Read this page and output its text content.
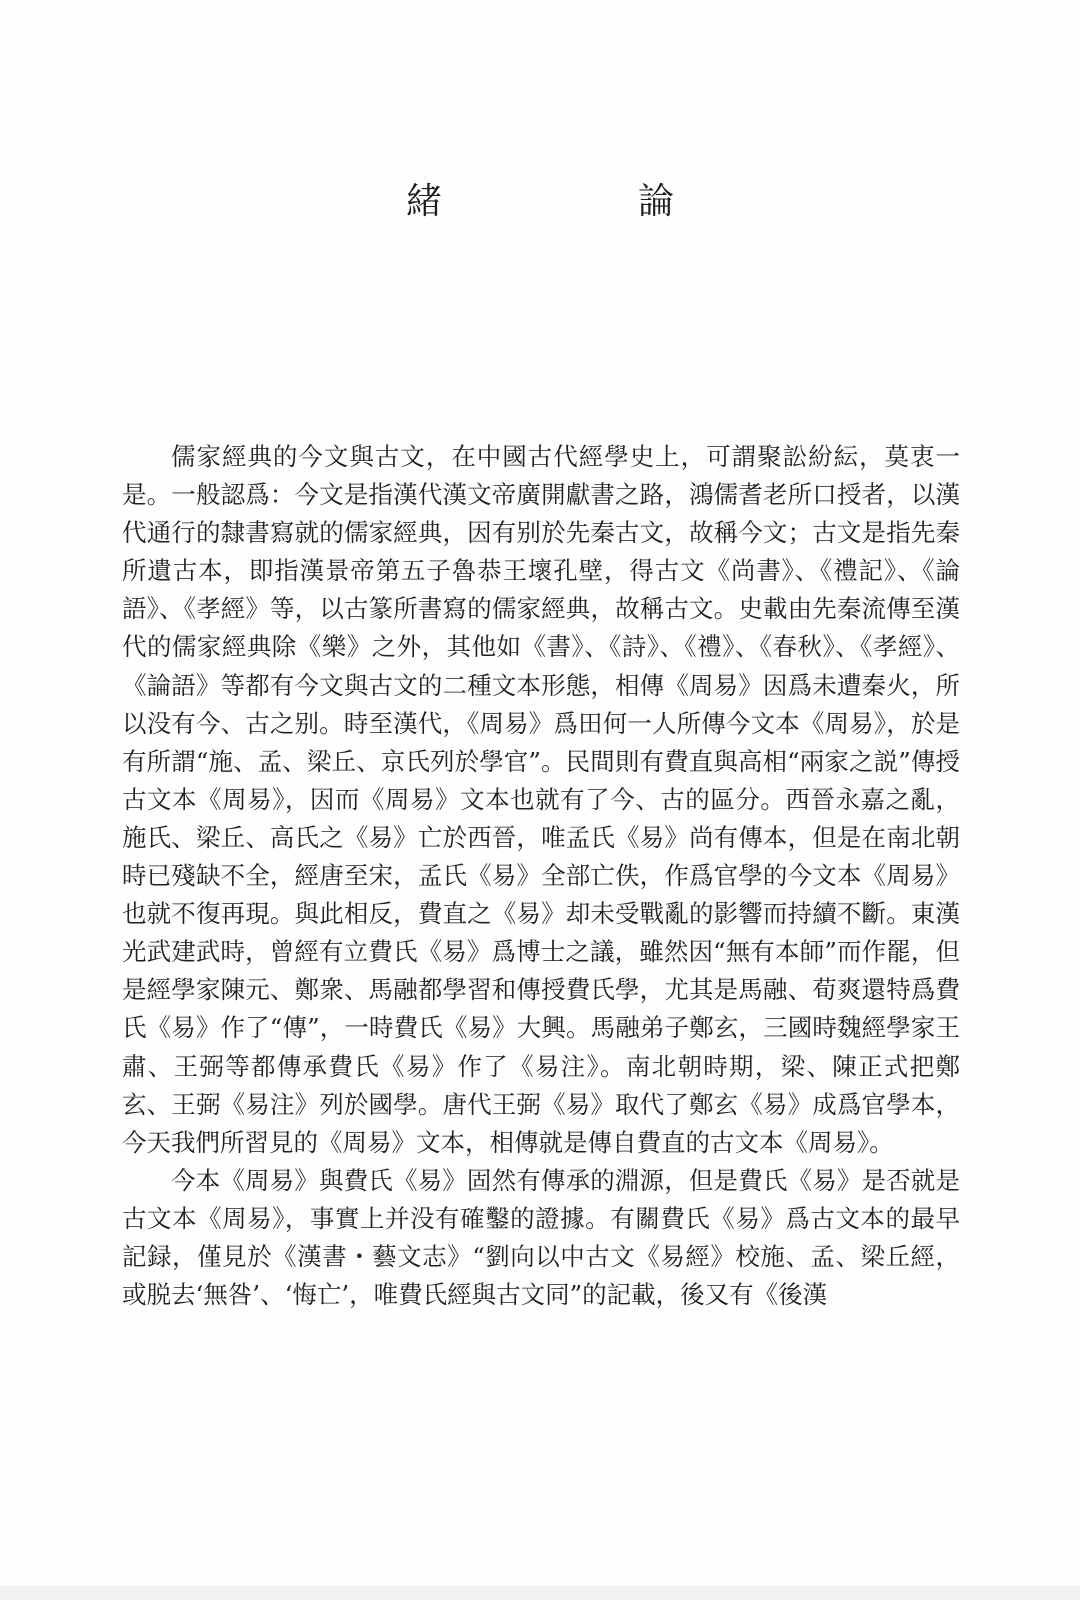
緒　論

儒家經典的今文與古文，在中國古代經學史上，可謂聚訟紛紜，莫衷一是。一般認爲：今文是指漢代漢文帝廣開獻書之路，鴻儒耆老所口授者，以漢代通行的隸書寫就的儒家經典，因有别於先秦古文，故稱今文；古文是指先秦所遺古本，即指漢景帝第五子魯恭王壞孔壁，得古文《尚書》、《禮記》、《論語》、《孝經》等，以古篆所書寫的儒家經典，故稱古文。史載由先秦流傳至漢代的儒家經典除《樂》之外，其他如《書》、《詩》、《禮》、《春秋》、《孝經》、《論語》等都有今文與古文的二種文本形態，相傳《周易》因爲未遭秦火，所以没有今、古之别。時至漢代，《周易》爲田何一人所傳今文本《周易》，於是有所謂“施、孟、梁丘、京氏列於學官”。民間則有費直與高相“兩家之説”傳授古文本《周易》，因而《周易》文本也就有了今、古的區分。西晉永嘉之亂，施氏、梁丘、高氏之《易》亡於西晉，唯孟氏《易》尚有傳本，但是在南北朝時已殘缺不全，經唐至宋，孟氏《易》全部亡佚，作爲官學的今文本《周易》也就不復再現。與此相反，費直之《易》却未受戰亂的影響而持續不斷。東漢光武建武時，曾經有立費氏《易》爲博士之議，雖然因“無有本師”而作罷，但是經學家陳元、鄭衆、馬融都學習和傳授費氏學，尤其是馬融、荀爽還特爲費氏《易》作了“傳”，一時費氏《易》大興。馬融弟子鄭玄，三國時魏經學家王肅、王弼等都傳承費氏《易》作了《易注》。南北朝時期，梁、陳正式把鄭玄、王弼《易注》列於國學。唐代王弼《易》取代了鄭玄《易》成爲官學本，今天我們所習見的《周易》文本，相傳就是傳自費直的古文本《周易》。

今本《周易》與費氏《易》固然有傳承的淵源，但是費氏《易》是否就是古文本《周易》，事實上并没有確鑿的證據。有關費氏《易》爲古文本的最早記録，僅見於《漢書・藝文志》“劉向以中古文《易經》校施、孟、梁丘經，或脱去‘無咎’、‘悔亡’，唯費氏經與古文同”的記載，後又有《後漢
